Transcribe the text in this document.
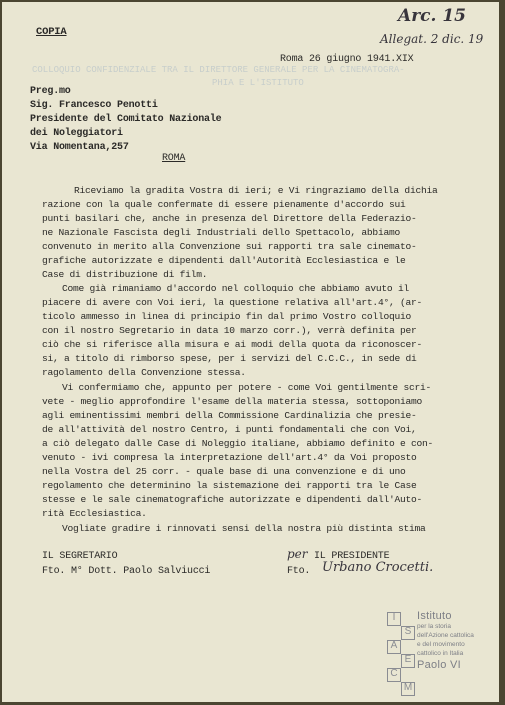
COLLOQUIO CONFIDENZIALE TRA IL DIRETTORE GENERALE PER LA CINEMATOGRA-
PHIA E L'ISTITUTO
COPIA
Arc. 15
Allegat. 2 dic. 19
Roma 26 giugno 1941.XIX
Preg.mo
Sig. Francesco Penotti
Presidente del Comitato Nazionale
dei Noleggiatori
Via Nomentana,257
ROMA
Riceviamo la gradita Vostra di ieri; e Vi ringraziamo della dichia
razione con la quale confermate di essere pienamente d'accordo sui
punti basilari che, anche in presenza del Direttore della Federazio-
ne Nazionale Fascista degli Industriali dello Spettacolo, abbiamo
convenuto in merito alla Convenzione sui rapporti tra sale cinemato-
grafiche autorizzate e dipendenti dall'Autorità Ecclesiastica e le
Case di distribuzione di film.
Come già rimaniamo d'accordo nel colloquio che abbiamo avuto il
piacere di avere con Voi ieri, la questione relativa all'art.4°, (ar-
ticolo ammesso in linea di principio fin dal primo Vostro colloquio
con il nostro Segretario in data 10 marzo corr.), verrà definita per
ciò che si riferisce alla misura e ai modi della quota da riconoscer-
si, a titolo di rimborso spese, per i servizi del C.C.C., in sede di
ragolamento della Convenzione stessa.
Vi confermiamo che, appunto per potere - come Voi gentilmente scri-
vete - meglio approfondire l'esame della materia stessa, sottoponiamo
agli eminentissimi membri della Commissione Cardinalizia che presie-
de all'attività del nostro Centro, i punti fondamentali che con Voi,
a ciò delegato dalle Case di Noleggio italiane, abbiamo definito e con-
venuto - ivi compresa la interpretazione dell'art.4° da Voi proposto
nella Vostra del 25 corr. - quale base di una convenzione e di uno
regolamento che determinino la sistemazione dei rapporti tra le Case
stesse e le sale cinematografiche autorizzate e dipendenti dall'Auto-
rità Ecclesiastica.
Vogliate gradire i rinnovati sensi della nostra più distinta stima
IL SEGRETARIO
Fto. M° Dott. Paolo Salviucci
per IL PRESIDENTE
Fto. Urbano Crocetti.
I
S
A
E
C
M
Istituto
per la storia
dell'Azione cattolica
e del movimento
cattolico in Italia
Paolo VI
